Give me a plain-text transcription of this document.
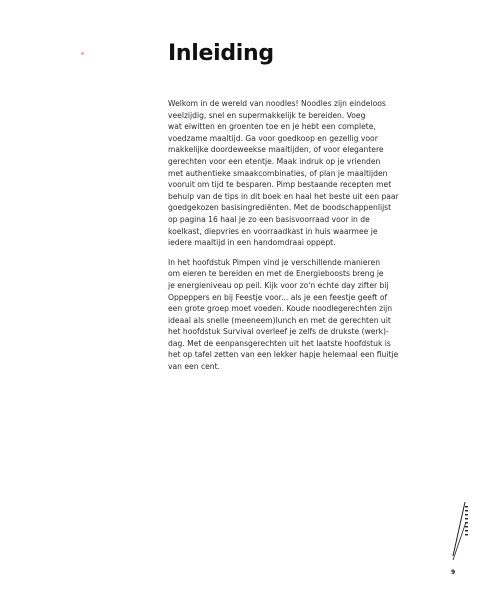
Inleiding

Welkom in de wereld van noodles! Noodles zijn eindeloos
veelzijdig, snel en supermakkelijk te bereiden. Voeg
wat eiwitten en groenten toe en je hebt een complete,
voedzame maaltijd. Ga voor goedkoop en gezellig voor
makkelijke doordeweekse maaltijden, of voor elegantere
gerechten voor een etentje. Maak indruk op je vrienden
met authentieke smaakcombinaties, of plan je maaltijden
vooruit om tijd te besparen. Pimp bestaande recepten met
behulp van de tips in dit boek en haal het beste uit een paar
goedgekozen basisingrediënten. Met de boodschappenlijst
op pagina 16 haal je zo een basisvoorraad voor in de
koelkast, diepvries en voorraadkast in huis waarmee je
iedere maaltijd in een handomdraai oppept.

In het hoofdstuk Pimpen vind je verschillende manieren
om eieren te bereiden en met de Energieboosts breng je
je energieniveau op peil. Kijk voor zo'n echte day zifter bij
Oppeppers en bij Feestje voor... als je een feestje geeft of
een grote groep moet voeden. Koude noodlegerechten zijn
ideaal als snelle (meeneem)lunch en met de gerechten uit
het hoofdstuk Survival overleef je zelfs de drukste (werk)-
dag. Met de eenpansgerechten uit het laatste hoofdstuk is
het op tafel zetten van een lekker hapje helemaal een fluitje
van een cent.

9
